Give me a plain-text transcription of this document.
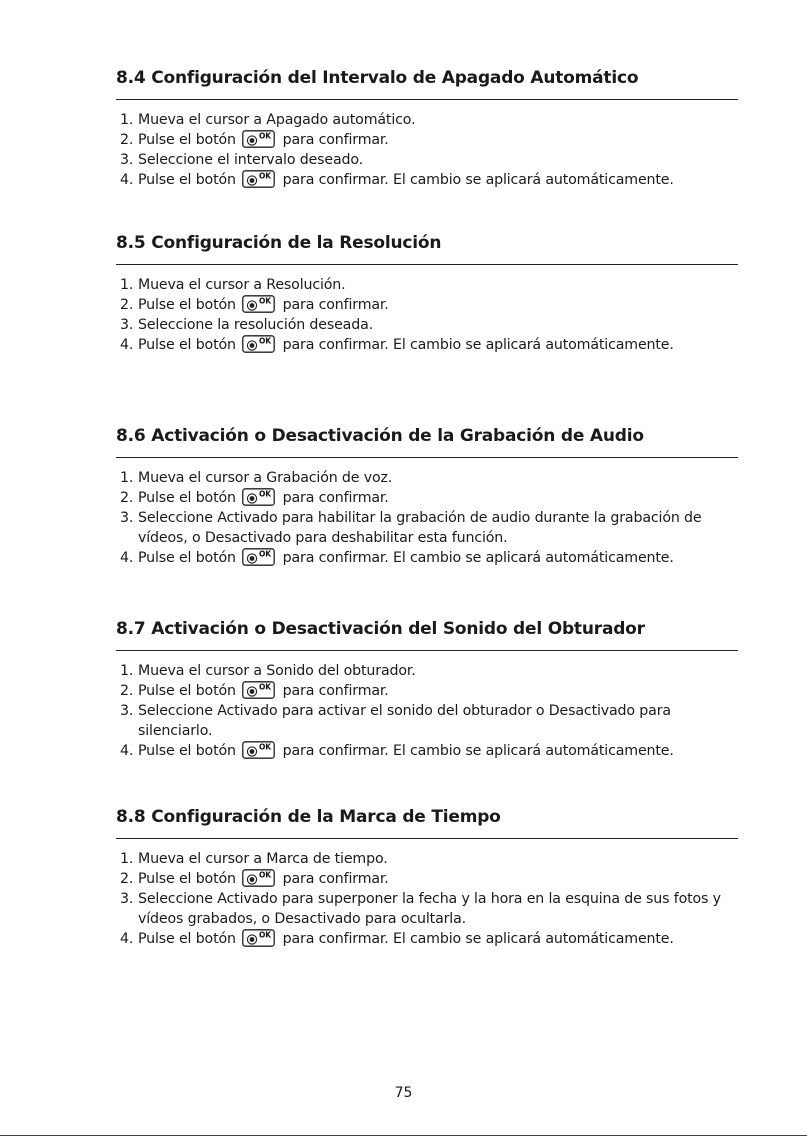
8.4 Configuración del Intervalo de Apagado Automático
1. Mueva el cursor a Apagado automático.
2. Pulse el botón	para confirmar.
3. Seleccione el intervalo deseado.
4. Pulse el botón	para confirmar. El cambio se aplicará automáticamente.
8.5 Configuración de la Resolución
1. Mueva el cursor a Resolución.
2. Pulse el botón	para confirmar.
3. Seleccione la resolución deseada.
4. Pulse el botón	para confirmar. El cambio se aplicará automáticamente.
8.6 Activación o Desactivación de la Grabación de Audio
1. Mueva el cursor a Grabación de voz.
2. Pulse el botón	para confirmar.
3. Seleccione Activado para habilitar la grabación de audio durante la grabación de vídeos, o Desactivado para deshabilitar esta función.
4. Pulse el botón	para confirmar. El cambio se aplicará automáticamente.
8.7 Activación o Desactivación del Sonido del Obturador
1. Mueva el cursor a Sonido del obturador.
2. Pulse el botón	para confirmar.
3. Seleccione Activado para activar el sonido del obturador o Desactivado para silenciarlo.
4. Pulse el botón	para confirmar. El cambio se aplicará automáticamente.
8.8 Configuración de la Marca de Tiempo
1. Mueva el cursor a Marca de tiempo.
2. Pulse el botón	para confirmar.
3. Seleccione Activado para superponer la fecha y la hora en la esquina de sus fotos y vídeos grabados, o Desactivado para ocultarla.
4. Pulse el botón	para confirmar. El cambio se aplicará automáticamente.
75
